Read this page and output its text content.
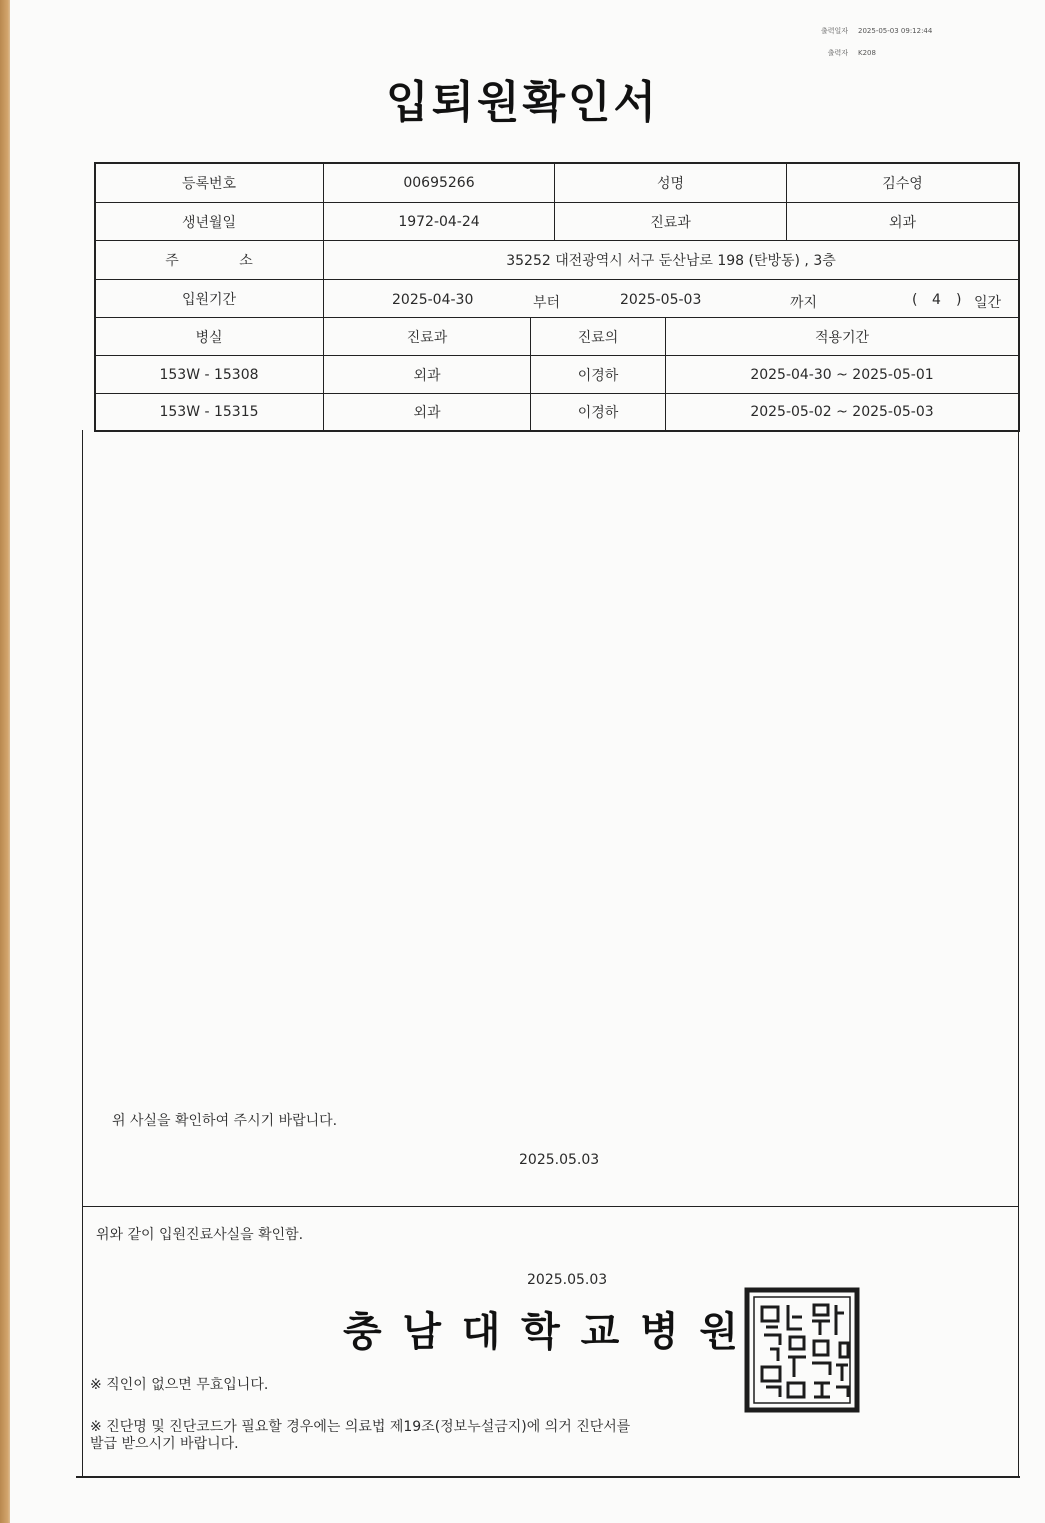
출력일자 2025-05-03 09:12:44
출력자 K208
입퇴원확인서
등록번호	00695266	성명	김수영
생년월일	1972-04-24	진료과	외과
주 소	35252 대전광역시 서구 둔산남로 198 (탄방동) , 3층
입원기간	2025-04-30	부터	2025-05-03	까지	( 4 ) 일간
병실	진료과	진료의	적용기간
153W - 15308	외과	이경하	2025-04-30 ~ 2025-05-01
153W - 15315	외과	이경하	2025-05-02 ~ 2025-05-03
위 사실을 확인하여 주시기 바랍니다.
2025.05.03
위와 같이 입원진료사실을 확인함.
2025.05.03
충 남 대 학 교 병 원
※ 직인이 없으면 무효입니다.
※ 진단명 및 진단코드가 필요할 경우에는 의료법 제19조(정보누설금지)에 의거 진단서를
발급 받으시기 바랍니다.
